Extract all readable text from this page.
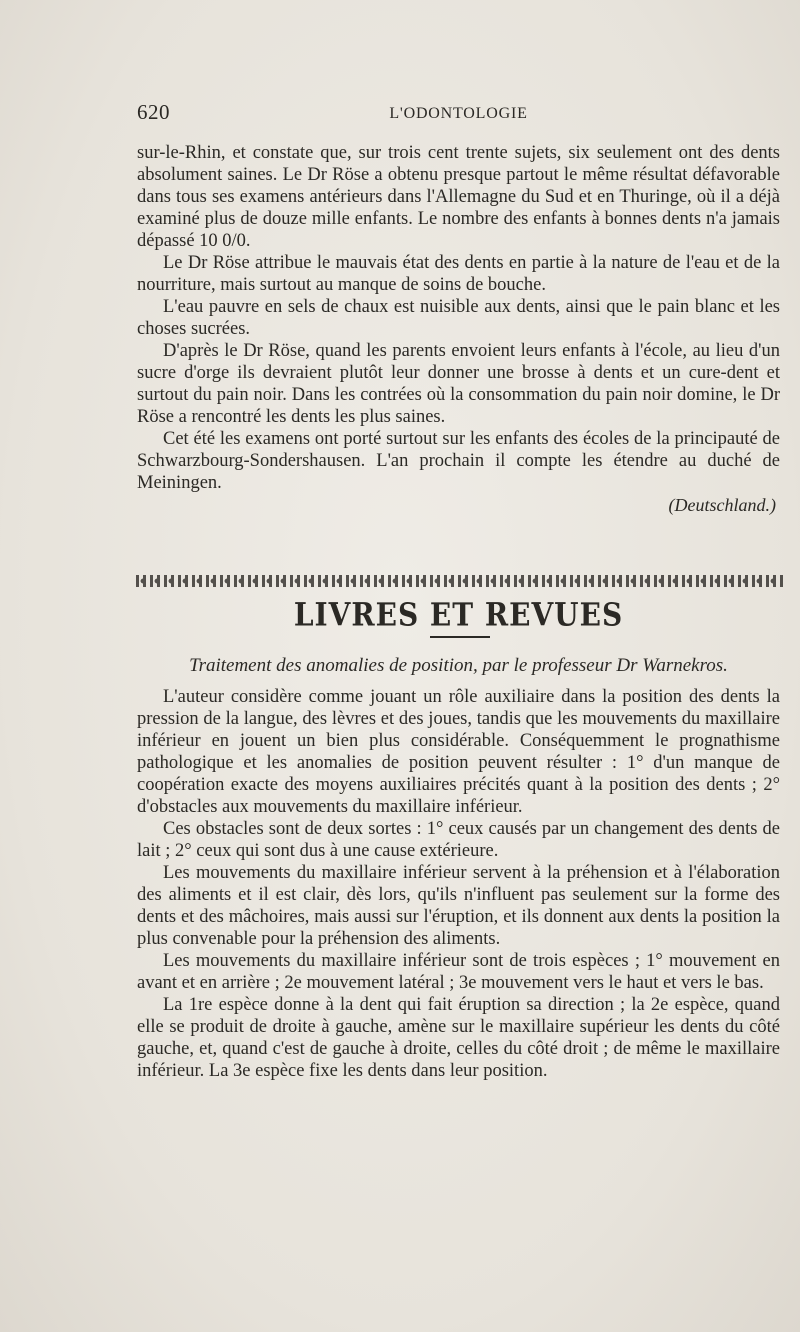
620	L'ODONTOLOGIE

sur-le-Rhin, et constate que, sur trois cent trente sujets, six seulement ont des dents absolument saines. Le Dr Röse a obtenu presque partout le même résultat défavorable dans tous ses examens antérieurs dans l'Allemagne du Sud et en Thuringe, où il a déjà examiné plus de douze mille enfants. Le nombre des enfants à bonnes dents n'a jamais dépassé 10 0/0.

Le Dr Röse attribue le mauvais état des dents en partie à la nature de l'eau et de la nourriture, mais surtout au manque de soins de bouche.

L'eau pauvre en sels de chaux est nuisible aux dents, ainsi que le pain blanc et les choses sucrées.

D'après le Dr Röse, quand les parents envoient leurs enfants à l'école, au lieu d'un sucre d'orge ils devraient plutôt leur donner une brosse à dents et un cure-dent et surtout du pain noir. Dans les contrées où la consommation du pain noir domine, le Dr Röse a rencontré les dents les plus saines.

Cet été les examens ont porté surtout sur les enfants des écoles de la principauté de Schwarzbourg-Sondershausen. L'an prochain il compte les étendre au duché de Meiningen.

(Deutschland.)
LIVRES ET REVUES
Traitement des anomalies de position, par le professeur Dr Warnekros.

L'auteur considère comme jouant un rôle auxiliaire dans la position des dents la pression de la langue, des lèvres et des joues, tandis que les mouvements du maxillaire inférieur en jouent un bien plus considérable. Conséquemment le prognathisme pathologique et les anomalies de position peuvent résulter : 1° d'un manque de coopération exacte des moyens auxiliaires précités quant à la position des dents ; 2° d'obstacles aux mouvements du maxillaire inférieur.

Ces obstacles sont de deux sortes : 1° ceux causés par un changement des dents de lait ; 2° ceux qui sont dus à une cause extérieure.

Les mouvements du maxillaire inférieur servent à la préhension et à l'élaboration des aliments et il est clair, dès lors, qu'ils n'influent pas seulement sur la forme des dents et des mâchoires, mais aussi sur l'éruption, et ils donnent aux dents la position la plus convenable pour la préhension des aliments.

Les mouvements du maxillaire inférieur sont de trois espèces ; 1° mouvement en avant et en arrière ; 2e mouvement latéral ; 3e mouvement vers le haut et vers le bas.

La 1re espèce donne à la dent qui fait éruption sa direction ; la 2e espèce, quand elle se produit de droite à gauche, amène sur le maxillaire supérieur les dents du côté gauche, et, quand c'est de gauche à droite, celles du côté droit ; de même le maxillaire inférieur. La 3e espèce fixe les dents dans leur position.
